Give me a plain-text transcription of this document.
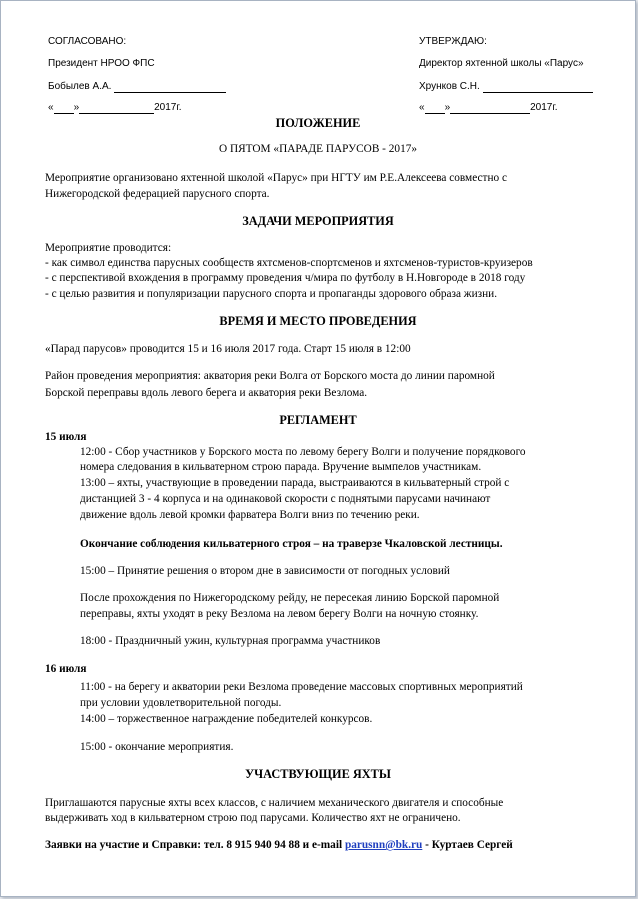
СОГЛАСОВАНО:
Президент НРОО ФПС
Бобылев А.А.
« »	2017г.
УТВЕРЖДАЮ:
Директор яхтенной школы «Парус»
Хрунков С.Н.
« »	2017г.
ПОЛОЖЕНИЕ
О ПЯТОМ «ПАРАДЕ ПАРУСОВ - 2017»
Мероприятие организовано яхтенной школой «Парус» при НГТУ им Р.Е.Алексеева совместно с
Нижегородской федерацией парусного спорта.
ЗАДАЧИ МЕРОПРИЯТИЯ
Мероприятие проводится:
- как символ единства парусных сообществ яхтсменов-спортсменов и яхтсменов-туристов-круизеров
- с перспективой вхождения в программу проведения ч/мира по футболу в Н.Новгороде в 2018 году
- с целью развития и популяризации парусного спорта и пропаганды здорового образа жизни.
ВРЕМЯ И МЕСТО ПРОВЕДЕНИЯ
«Парад парусов» проводится 15 и 16 июля 2017 года. Старт 15 июля в 12:00
Район проведения мероприятия: акватория реки Волга от Борского моста до линии паромной
Борской переправы вдоль левого берега и акватория реки Везлома.
РЕГЛАМЕНТ
15 июля
12:00 - Сбор участников у Борского моста по левому берегу Волги и получение порядкового
номера следования в кильватерном строю парада. Вручение вымпелов участникам.
13:00 – яхты, участвующие в проведении парада, выстраиваются в кильватерный строй с
дистанцией 3 - 4 корпуса и на одинаковой скорости с поднятыми парусами начинают
движение вдоль левой кромки фарватера Волги вниз по течению реки.
Окончание соблюдения кильватерного строя – на траверзе Чкаловской лестницы.
15:00 – Принятие решения о втором дне в зависимости от погодных условий
После прохождения по Нижегородскому рейду, не пересекая линию Борской паромной
переправы, яхты уходят в реку Везлома на левом берегу Волги на ночную стоянку.
18:00 - Праздничный ужин, культурная программа участников
16 июля
11:00 - на берегу и акватории реки Везлома проведение массовых спортивных мероприятий
при условии удовлетворительной погоды.
14:00 – торжественное награждение победителей конкурсов.
15:00 - окончание мероприятия.
УЧАСТВУЮЩИЕ ЯХТЫ
Приглашаются парусные яхты всех классов, с наличием механического двигателя и способные
выдерживать ход в кильватерном строю под парусами. Количество яхт не ограничено.
Заявки на участие и Справки: тел. 8 915 940 94 88 и e-mail parusnn@bk.ru - Куртаев Сергей
